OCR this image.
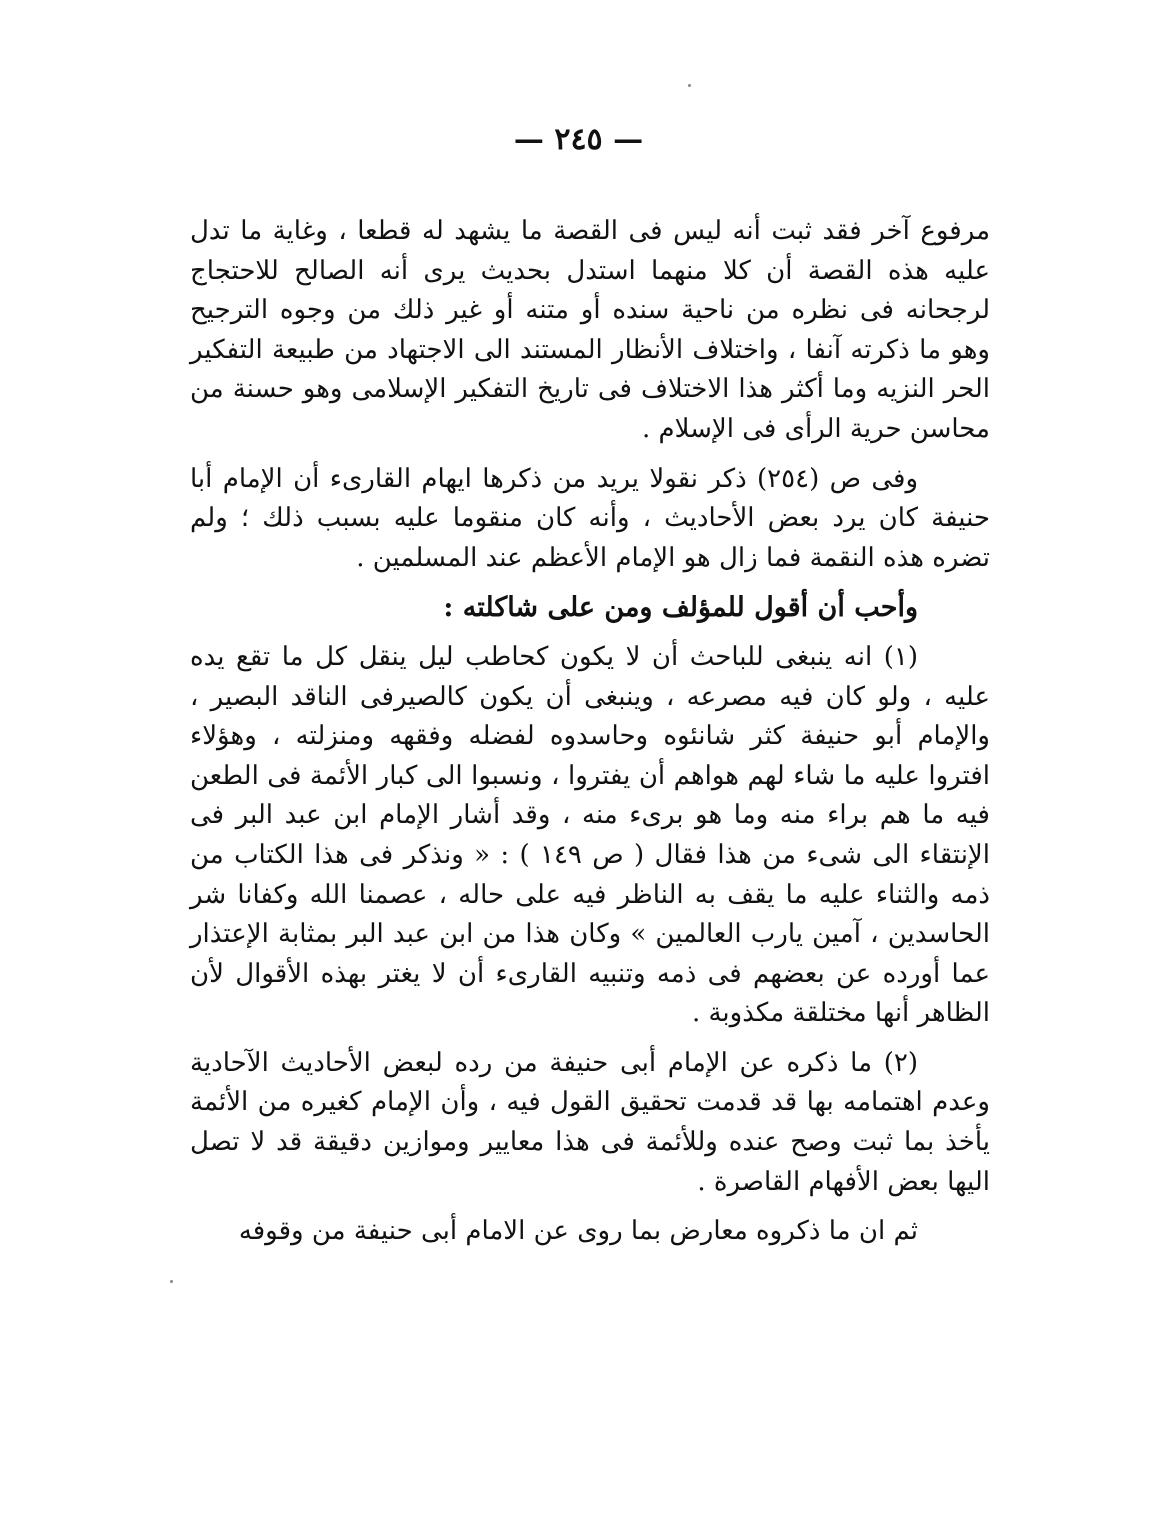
— ٢٤٥ —

مرفوع آخر فقد ثبت أنه ليس فى القصة ما يشهد له قطعا ، وغاية ما تدل عليه هذه القصة أن كلا منهما استدل بحديث يرى أنه الصالح للاحتجاج لرجحانه فى نظره من ناحية سنده أو متنه أو غير ذلك من وجوه الترجيح وهو ما ذكرته آنفا ، واختلاف الأنظار المستند الى الاجتهاد من طبيعة التفكير الحر النزيه وما أكثر هذا الاختلاف فى تاريخ التفكير الإسلامى وهو حسنة من محاسن حرية الرأى فى الإسلام .

وفى ص (٢٥٤) ذكر نقولا يريد من ذكرها ايهام القارىء أن الإمام أبا حنيفة كان يرد بعض الأحاديث ، وأنه كان منقوما عليه بسبب ذلك ؛ ولم تضره هذه النقمة فما زال هو الإمام الأعظم عند المسلمين .

وأحب أن أقول للمؤلف ومن على شاكلته :

(١) انه ينبغى للباحث أن لا يكون كحاطب ليل ينقل كل ما تقع يده عليه ، ولو كان فيه مصرعه ، وينبغى أن يكون كالصيرفى الناقد البصير ، والإمام أبو حنيفة كثر شانئوه وحاسدوه لفضله وفقهه ومنزلته ، وهؤلاء افتروا عليه ما شاء لهم هواهم أن يفتروا ، ونسبوا الى كبار الأئمة فى الطعن فيه ما هم براء منه وما هو برىء منه ، وقد أشار الإمام ابن عبد البر فى الإنتقاء الى شىء من هذا فقال ( ص ١٤٩ ) : « ونذكر فى هذا الكتاب من ذمه والثناء عليه ما يقف به الناظر فيه على حاله ، عصمنا الله وكفانا شر الحاسدين ، آمين يارب العالمين » وكان هذا من ابن عبد البر بمثابة الإعتذار عما أورده عن بعضهم فى ذمه وتنبيه القارىء أن لا يغتر بهذه الأقوال لأن الظاهر أنها مختلقة مكذوبة .

(٢) ما ذكره عن الإمام أبى حنيفة من رده لبعض الأحاديث الآحادية وعدم اهتمامه بها قد قدمت تحقيق القول فيه ، وأن الإمام كغيره من الأئمة يأخذ بما ثبت وصح عنده وللأئمة فى هذا معايير وموازين دقيقة قد لا تصل اليها بعض الأفهام القاصرة .

ثم ان ما ذكروه معارض بما روى عن الامام أبى حنيفة من وقوفه
